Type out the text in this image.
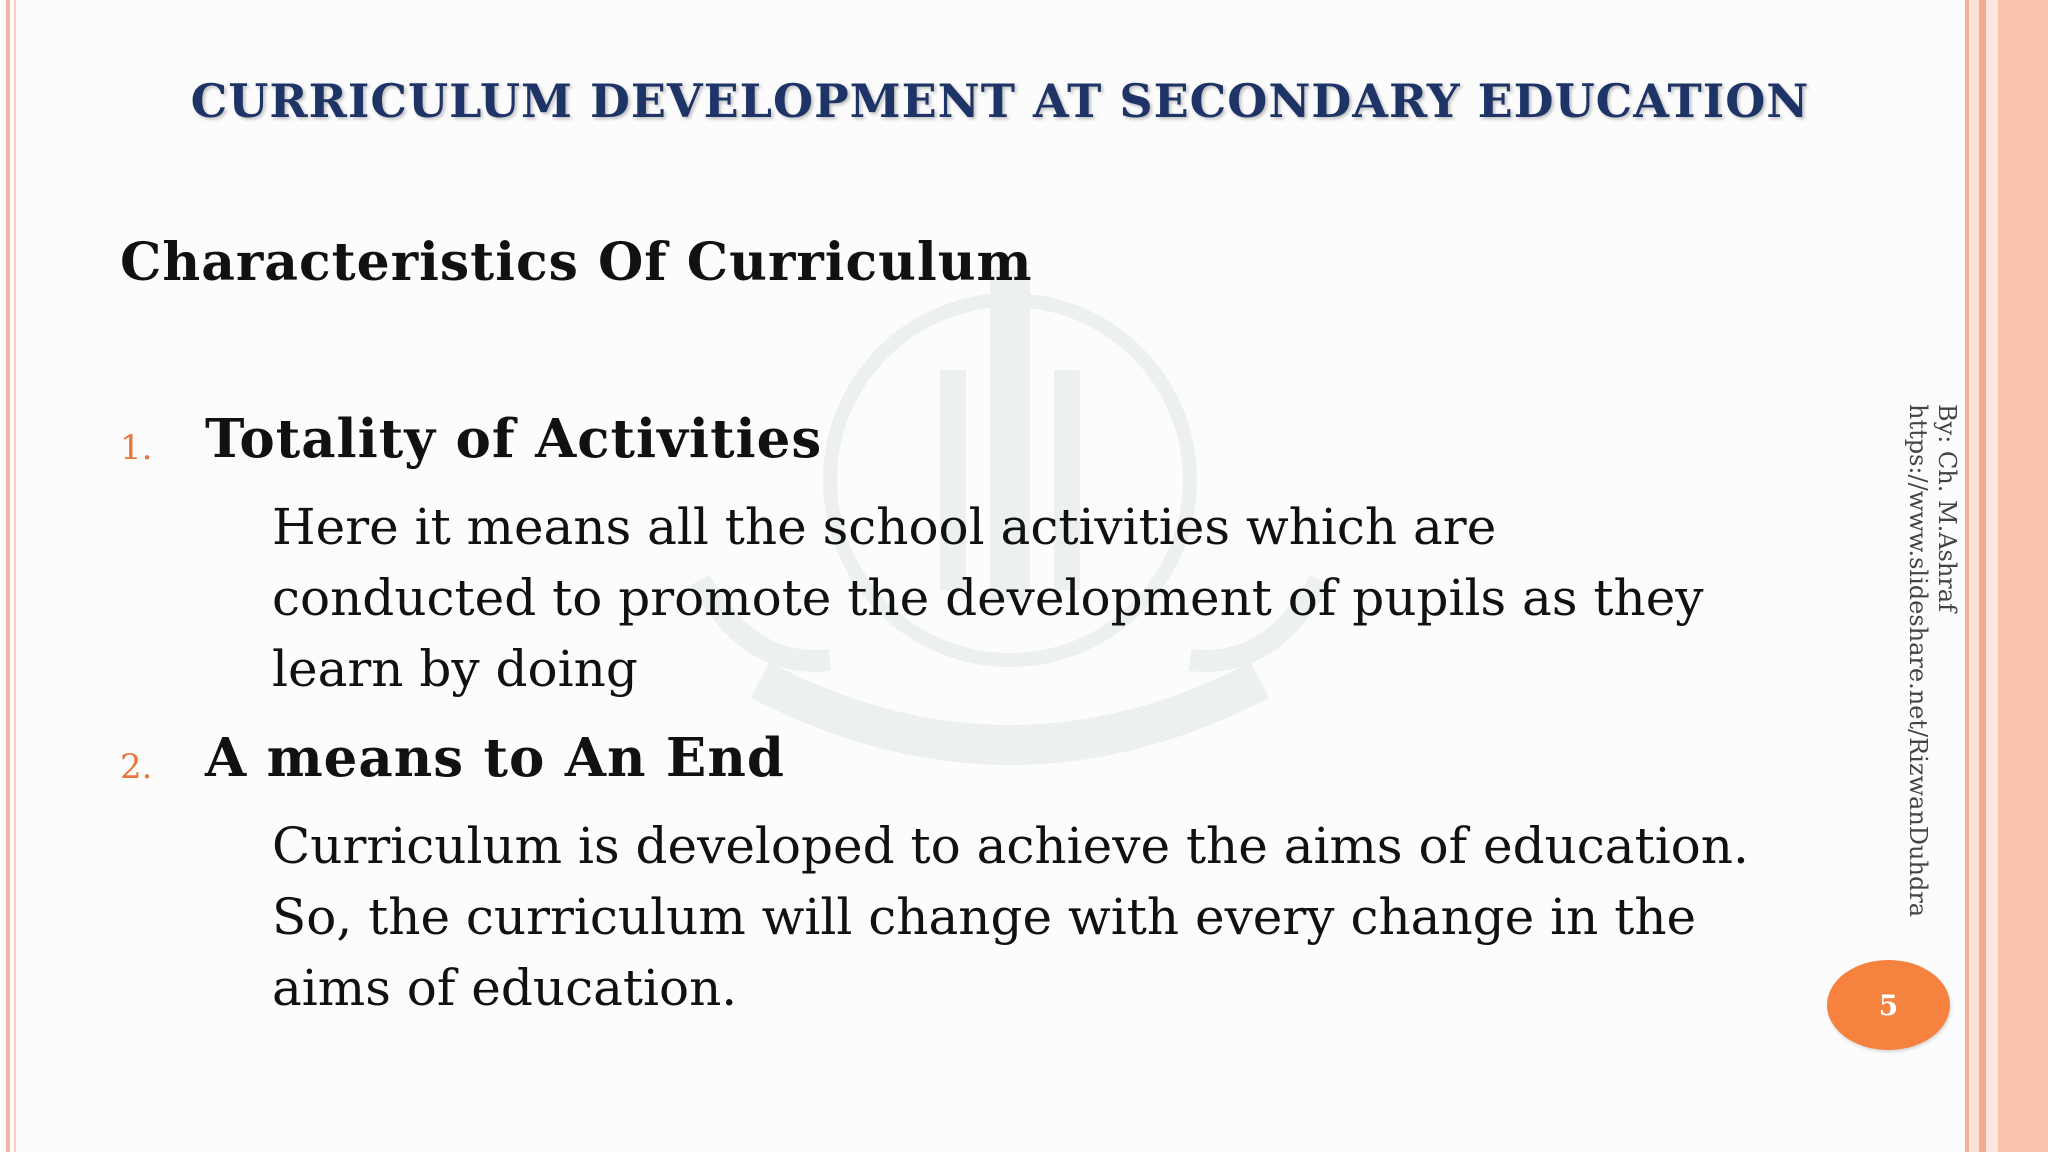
CURRICULUM DEVELOPMENT AT SECONDARY EDUCATION
Characteristics Of Curriculum
1. Totality of Activities
Here it means all the school activities which are
conducted to promote the development of pupils as they
learn by doing
2. A means to An End
Curriculum is developed to achieve the aims of education.
So, the curriculum will change with every change in the
aims of education.
By: Ch. M.Ashraf
https://www.slideshare.net/RizwanDuhdra
5
